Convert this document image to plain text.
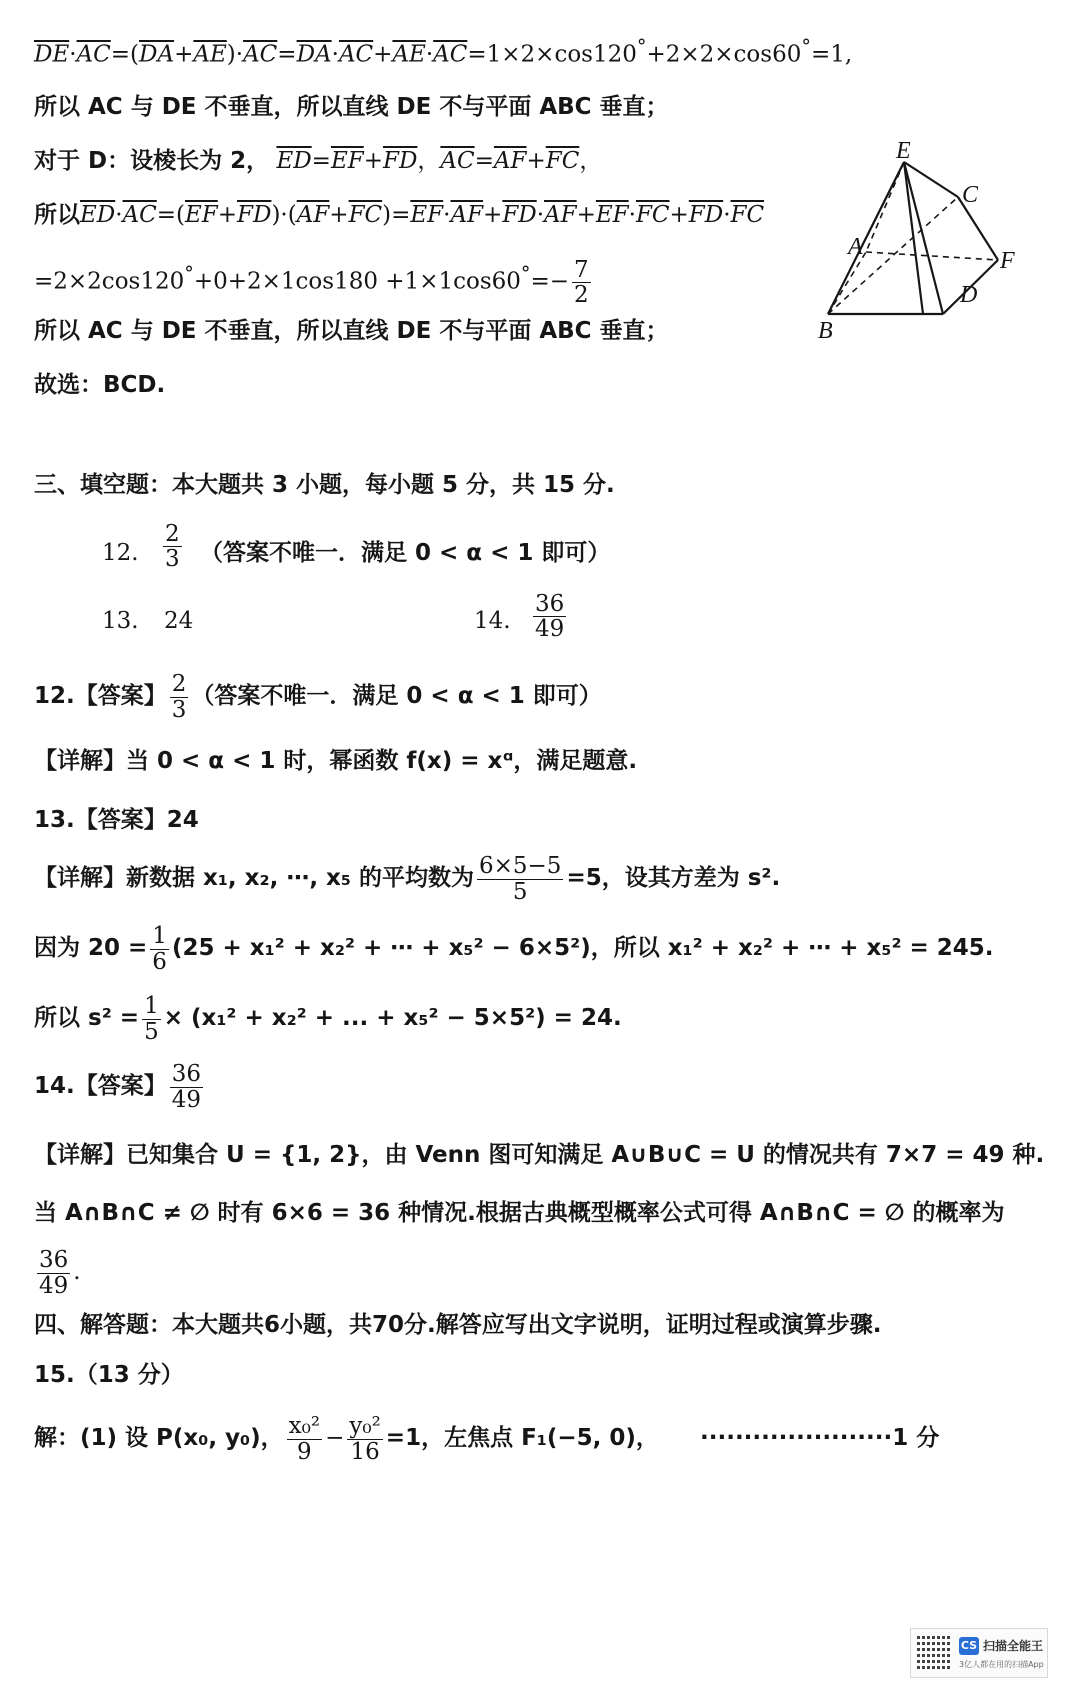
$\overline{DE}\cdot\overline{AC}=(\overline{DA}+\overline{AE})\cdot\overline{AC}=\overline{DA}\cdot\overline{AC}+\overline{AE}\cdot\overline{AC}=1\times 2\times\cos 120^\circ+2\times 2\times\cos 60^\circ=1$,
所以 AC 与 DE 不垂直，所以直线 DE 不与平面 ABC 垂直；
对于 D：设棱长为 2， $\overline{ED}=\overline{EF}+\overline{FD}$，$\overline{AC}=\overline{AF}+\overline{FC}$，
所以$\overline{ED}\cdot\overline{AC}=(\overline{EF}+\overline{FD})\cdot(\overline{AF}+\overline{FC})=\overline{EF}\cdot\overline{AF}+\overline{FD}\cdot\overline{AF}+\overline{EF}\cdot\overline{FC}+\overline{FD}\cdot\overline{FC}$
$=2\times 2\cos 120^\circ+0+2\times 1\cos 180 +1\times 1\cos 60^\circ=- \frac{7}{2}$
所以 AC 与 DE 不垂直，所以直线 DE 不与平面 ABC 垂直；
故选：BCD.
E
C
A
F
D
B
三、填空题：本大题共 3 小题，每小题 5 分，共 15 分.
12. $\frac{2}{3}$ （答案不唯一．满足 0 < α < 1 即可）
13. 24	14. $\frac{36}{49}$
12.【答案】 $\frac{2}{3}$ （答案不唯一．满足 0 < α < 1 即可）
【详解】当 0 < α < 1 时，幂函数 f(x) = xᵅ，满足题意.
13.【答案】24
【详解】新数据 x₁, x₂, ⋯, x₅ 的平均数为 $\frac{6\times 5-5}{5} =5$，设其方差为 s².
因为 $20 = \frac{1}{6} (25 + x_1^2 + x_2^2$ + ⋯ + x₅² − 6×5²)，所以 x₁² + x₂² + ⋯ + x₅² = 245.
所以 $s^2 = \frac{1}{5} \times (x_1^2 + x_2^2$ + ... + x₅² − 5×5²) = 24.
14.【答案】 $\frac{36}{49}$
【详解】已知集合 U = {1, 2}，由 Venn 图可知满足 A∪B∪C = U 的情况共有 7×7 = 49 种.
当 A∩B∩C ≠ ∅ 时有 6×6 = 36 种情况.根据古典概型概率公式可得 A∩B∩C = ∅ 的概率为
$\frac{36}{49}$ .
四、解答题：本大题共6小题，共70分.解答应写出文字说明，证明过程或演算步骤.
15.（13 分）
解：(1) 设 P(x₀, y₀)， $\frac{\text{x₀²}}{9} - \frac{\text{y₀²}}{16} =1$，左焦点 F₁(−5, 0)， ······················1 分
CS 扫描全能王
3亿人都在用的扫描App
